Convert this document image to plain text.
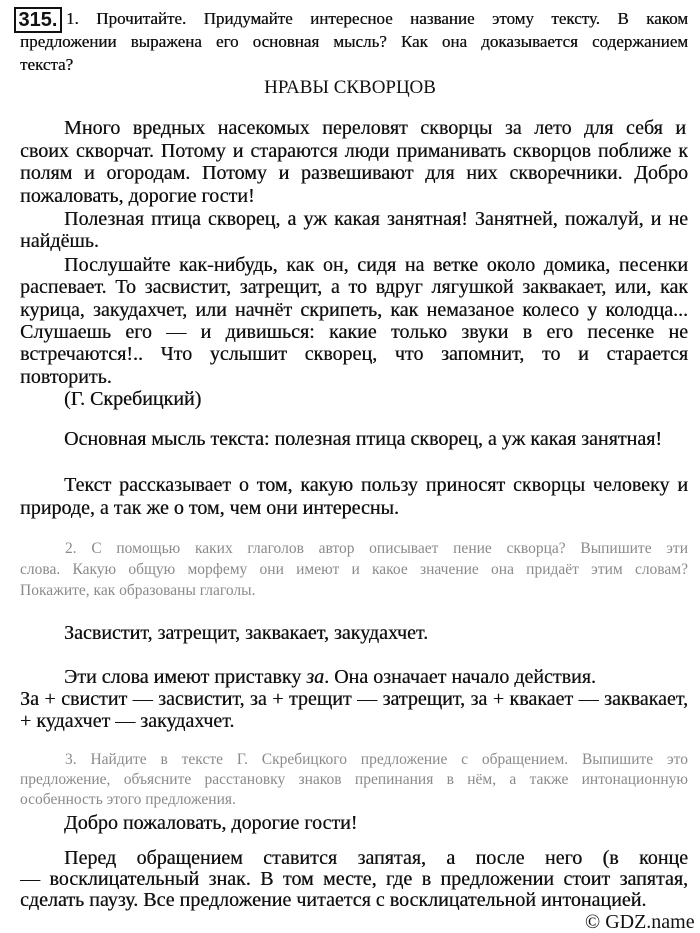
315. 1. Прочитайте. Придумайте интересное название этому тексту. В каком
предложении выражена его основная мысль? Как она доказывается содержанием
текста?
НРАВЫ СКВОРЦОВ
Много вредных насекомых переловят скворцы за лето для себя и
своих скворчат. Потому и стараются люди приманивать скворцов поближе к
полям и огородам. Потому и развешивают для них скворечники. Добро
пожаловать, дорогие гости!
Полезная птица скворец, а уж какая занятная! Занятней, пожалуй, и не
найдёшь.
Послушайте как-нибудь, как он, сидя на ветке около домика, песенки
распевает. То засвистит, затрещит, а то вдруг лягушкой заквакает, или, как
курица, закудахчет, или начнёт скрипеть, как немазаное колесо у колодца...
Слушаешь его — и дивишься: какие только звуки в его песенке не
встречаются!.. Что услышит скворец, что запомнит, то и старается
повторить.
(Г. Скребицкий)
Основная мысль текста: полезная птица скворец, а уж какая занятная!
Текст рассказывает о том, какую пользу приносят скворцы человеку и
природе, а так же о том, чем они интересны.
2. С помощью каких глаголов автор описывает пение скворца? Выпишите эти
слова. Какую общую морфему они имеют и какое значение она придаёт этим словам?
Покажите, как образованы глаголы.
Засвистит, затрещит, заквакает, закудахчет.
Эти слова имеют приставку за. Она означает начало действия.
За + свистит — засвистит, за + трещит — затрещит, за + квакает — заквакает,
+ кудахчет — закудахчет.
3. Найдите в тексте Г. Скребицкого предложение с обращением. Выпишите это
предложение, объясните расстановку знаков препинания в нём, а также интонационную
особенность этого предложения.
Добро пожаловать, дорогие гости!
Перед обращением ставится запятая, а после него (в конце
— восклицательный знак. В том месте, где в предложении стоит запятая,
сделать паузу. Все предложение читается с восклицательной интонацией.
© GDZ.name
